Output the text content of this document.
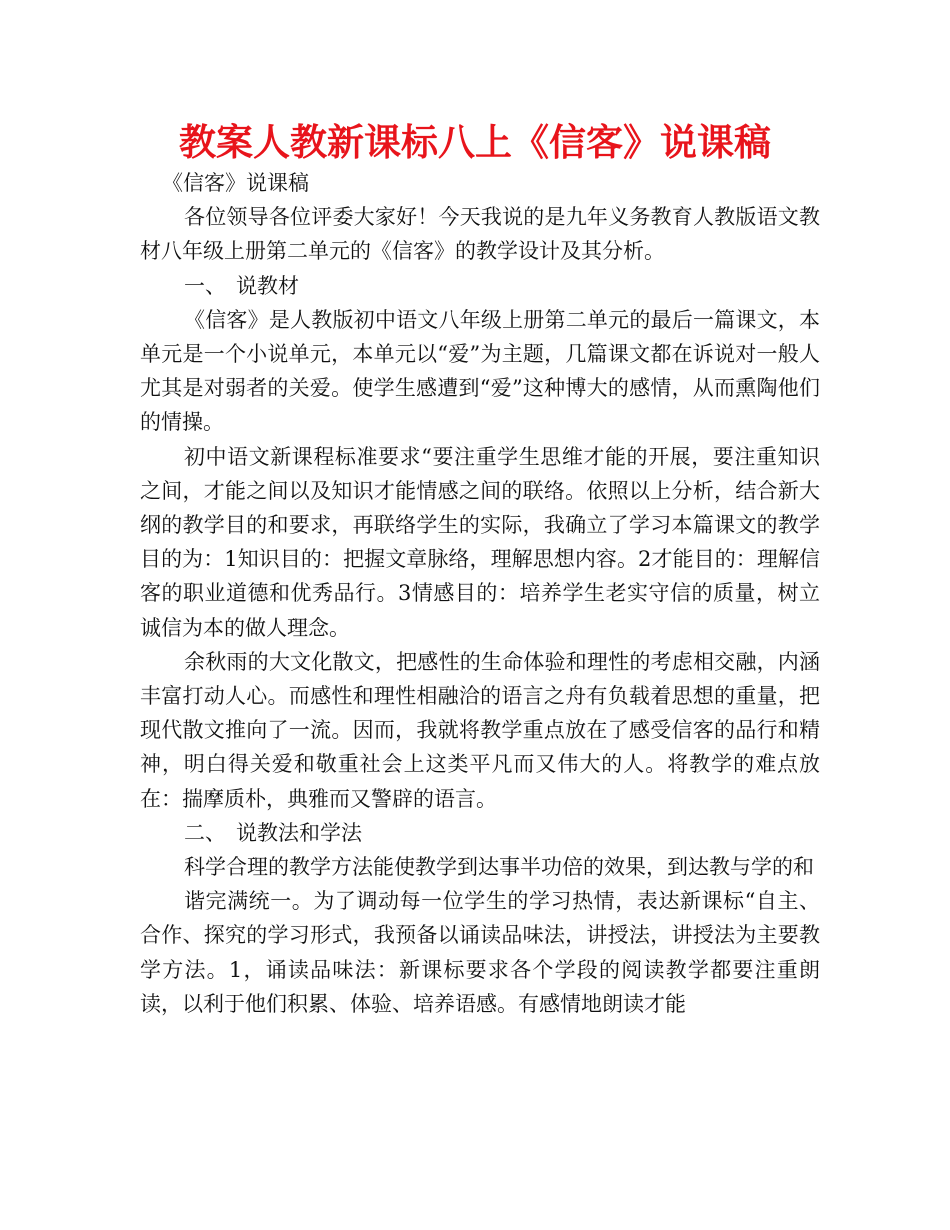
教案人教新课标八上《信客》说课稿

《信客》说课稿

各位领导各位评委大家好！今天我说的是九年义务教育人教版语文教材八年级上册第二单元的《信客》的教学设计及其分析。

一、 说教材

《信客》是人教版初中语文八年级上册第二单元的最后一篇课文，本单元是一个小说单元，本单元以“爱”为主题，几篇课文都在诉说对一般人尤其是对弱者的关爱。使学生感遭到“爱”这种博大的感情，从而熏陶他们的情操。

初中语文新课程标准要求“要注重学生思维才能的开展，要注重知识之间，才能之间以及知识才能情感之间的联络。依照以上分析，结合新大纲的教学目的和要求，再联络学生的实际，我确立了学习本篇课文的教学目的为：1知识目的：把握文章脉络，理解思想内容。2才能目的：理解信客的职业道德和优秀品行。3情感目的：培养学生老实守信的质量，树立诚信为本的做人理念。

余秋雨的大文化散文，把感性的生命体验和理性的考虑相交融，内涵丰富打动人心。而感性和理性相融洽的语言之舟有负载着思想的重量，把现代散文推向了一流。因而，我就将教学重点放在了感受信客的品行和精神，明白得关爱和敬重社会上这类平凡而又伟大的人。将教学的难点放在：揣摩质朴，典雅而又警辟的语言。

二、 说教法和学法

科学合理的教学方法能使教学到达事半功倍的效果，到达教与学的和

谐完满统一。为了调动每一位学生的学习热情，表达新课标“自主、合作、探究的学习形式，我预备以诵读品味法，讲授法，讲授法为主要教学方法。1，诵读品味法：新课标要求各个学段的阅读教学都要注重朗读，以利于他们积累、体验、培养语感。有感情地朗读才能
